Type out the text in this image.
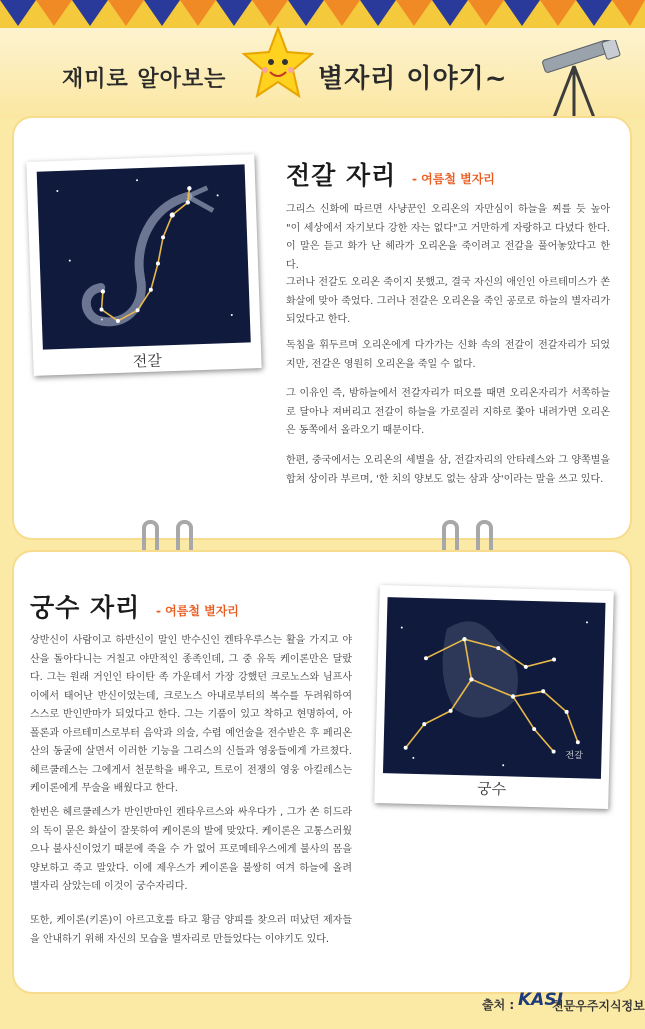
재미로 알아보는	별자리 이야기~
전갈
전갈 자리 - 여름철 별자리

그리스 신화에 따르면 사냥꾼인 오리온의 자만심이 하늘을 찌를 듯 높아 "이 세상에서 자기보다 강한 자는 없다"고 거만하게 자랑하고 다녔다 한다. 이 말은 듣고 화가 난 헤라가 오리온을 죽이려고 전갈을 풀어놓았다고 한다.

그러나 전갈도 오리온 죽이지 못했고, 결국 자신의 애인인 아르테미스가 쏜 화살에 맞아 죽었다. 그러나 전갈은 오리온을 죽인 공로로 하늘의 별자리가 되었다고 한다.

독침을 휘두르며 오리온에게 다가가는 신화 속의 전갈이 전갈자리가 되었지만, 전갈은 영원히 오리온을 죽일 수 없다.

그 이유인 즉, 밤하늘에서 전갈자리가 떠오를 때면 오리온자리가 서쪽하늘로 달아나 져버리고 전갈이 하늘을 가로질러 지하로 쫓아 내려가면 오리온은 동쪽에서 올라오기 때문이다.

한편, 중국에서는 오리온의 세별을 삼, 전갈자리의 안타레스와 그 양쪽별을 합쳐 상이라 부르며, '한 치의 양보도 없는 삼과 상'이라는 말을 쓰고 있다.

궁수 자리 - 여름철 별자리

상반신이 사람이고 하반신이 말인 반수신인 켄타우루스는 활을 가지고 야산을 돌아다니는 거칠고 야만적인 종족인데, 그 중 유독 케이론만은 달랐다. 그는 원래 거인인 타이탄 족 가운데서 가장 강했던 크로노스와 님프사이에서 태어난 반신이었는데, 크로노스 아내로부터의 복수를 두려워하여 스스로 반인반마가 되었다고 한다. 그는 기품이 있고 착하고 현명하여, 아폴론과 아르테미스로부터 음악과 의술, 수렵 예언술을 전수받은 후 페리온 산의 동굴에 살면서 이러한 기능을 그리스의 신들과 영웅들에게 가르쳤다. 헤르쿨레스는 그에게서 천문학을 배우고, 트로이 전쟁의 영웅 아킬레스는 케이론에게 무술을 배웠다고 한다.

한번은 헤르쿨레스가 반인반마인 켄타우르스와 싸우다가 , 그가 쏜 히드라의 독이 묻은 화살이 잘못하여 케이론의 발에 맞았다. 케이론은 고통스러웠으나 불사신이었기 때문에 죽을 수 가 없어 프로메테우스에게 불사의 몸을 양보하고 죽고 말았다. 이에 제우스가 케이론을 불쌍히 여겨 하늘에 올려 별자리 삼았는데 이것이 궁수자리다.

또한, 케이론(키론)이 아르고호를 타고 황금 양피를 찾으러 떠났던 제자들을 안내하기 위해 자신의 모습을 별자리로 만들었다는 이야기도 있다.

전갈
궁수
출처 : KASI
천문우주지식정보
